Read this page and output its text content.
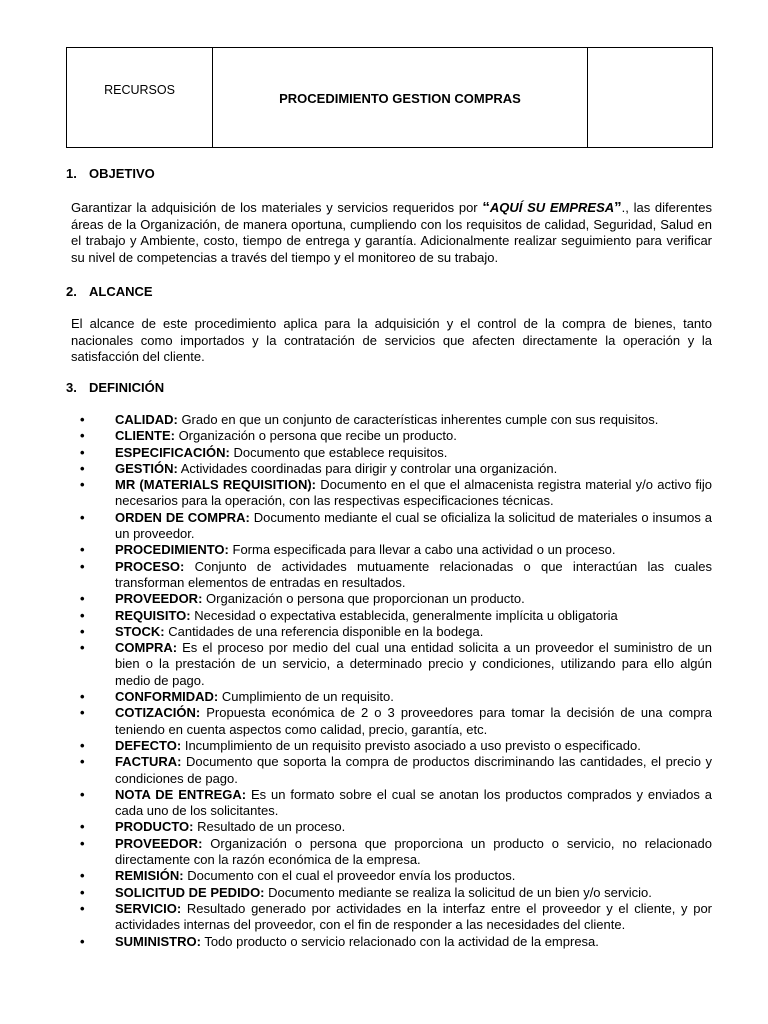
RECURSOS
PROCEDIMIENTO GESTION COMPRAS
1. OBJETIVO

Garantizar la adquisición de los materiales y servicios requeridos por “AQUÍ SU EMPRESA”., las diferentes áreas de la Organización, de manera oportuna, cumpliendo con los requisitos de calidad, Seguridad, Salud en el trabajo y Ambiente, costo, tiempo de entrega y garantía. Adicionalmente realizar seguimiento para verificar su nivel de competencias a través del tiempo y el monitoreo de su trabajo.

2. ALCANCE

El alcance de este procedimiento aplica para la adquisición y el control de la compra de bienes, tanto nacionales como importados y la contratación de servicios que afecten directamente la operación y la satisfacción del cliente.

3. DEFINICIÓN
• CALIDAD: Grado en que un conjunto de características inherentes cumple con sus requisitos.
• CLIENTE: Organización o persona que recibe un producto.
• ESPECIFICACIÓN: Documento que establece requisitos.
• GESTIÓN: Actividades coordinadas para dirigir y controlar una organización.
• MR (MATERIALS REQUISITION): Documento en el que el almacenista registra material y/o activo fijo necesarios para la operación, con las respectivas especificaciones técnicas.
• ORDEN DE COMPRA: Documento mediante el cual se oficializa la solicitud de materiales o insumos a un proveedor.
• PROCEDIMIENTO: Forma especificada para llevar a cabo una actividad o un proceso.
• PROCESO: Conjunto de actividades mutuamente relacionadas o que interactúan las cuales transforman elementos de entradas en resultados.
• PROVEEDOR: Organización o persona que proporcionan un producto.
• REQUISITO: Necesidad o expectativa establecida, generalmente implícita u obligatoria
• STOCK: Cantidades de una referencia disponible en la bodega.
• COMPRA: Es el proceso por medio del cual una entidad solicita a un proveedor el suministro de un bien o la prestación de un servicio, a determinado precio y condiciones, utilizando para ello algún medio de pago.
• CONFORMIDAD: Cumplimiento de un requisito.
• COTIZACIÓN: Propuesta económica de 2 o 3 proveedores para tomar la decisión de una compra teniendo en cuenta aspectos como calidad, precio, garantía, etc.
• DEFECTO: Incumplimiento de un requisito previsto asociado a uso previsto o especificado.
• FACTURA: Documento que soporta la compra de productos discriminando las cantidades, el precio y condiciones de pago.
• NOTA DE ENTREGA: Es un formato sobre el cual se anotan los productos comprados y enviados a cada uno de los solicitantes.
• PRODUCTO: Resultado de un proceso.
• PROVEEDOR: Organización o persona que proporciona un producto o servicio, no relacionado directamente con la razón económica de la empresa.
• REMISIÓN: Documento con el cual el proveedor envía los productos.
• SOLICITUD DE PEDIDO: Documento mediante se realiza la solicitud de un bien y/o servicio.
• SERVICIO: Resultado generado por actividades en la interfaz entre el proveedor y el cliente, y por actividades internas del proveedor, con el fin de responder a las necesidades del cliente.
• SUMINISTRO: Todo producto o servicio relacionado con la actividad de la empresa.
